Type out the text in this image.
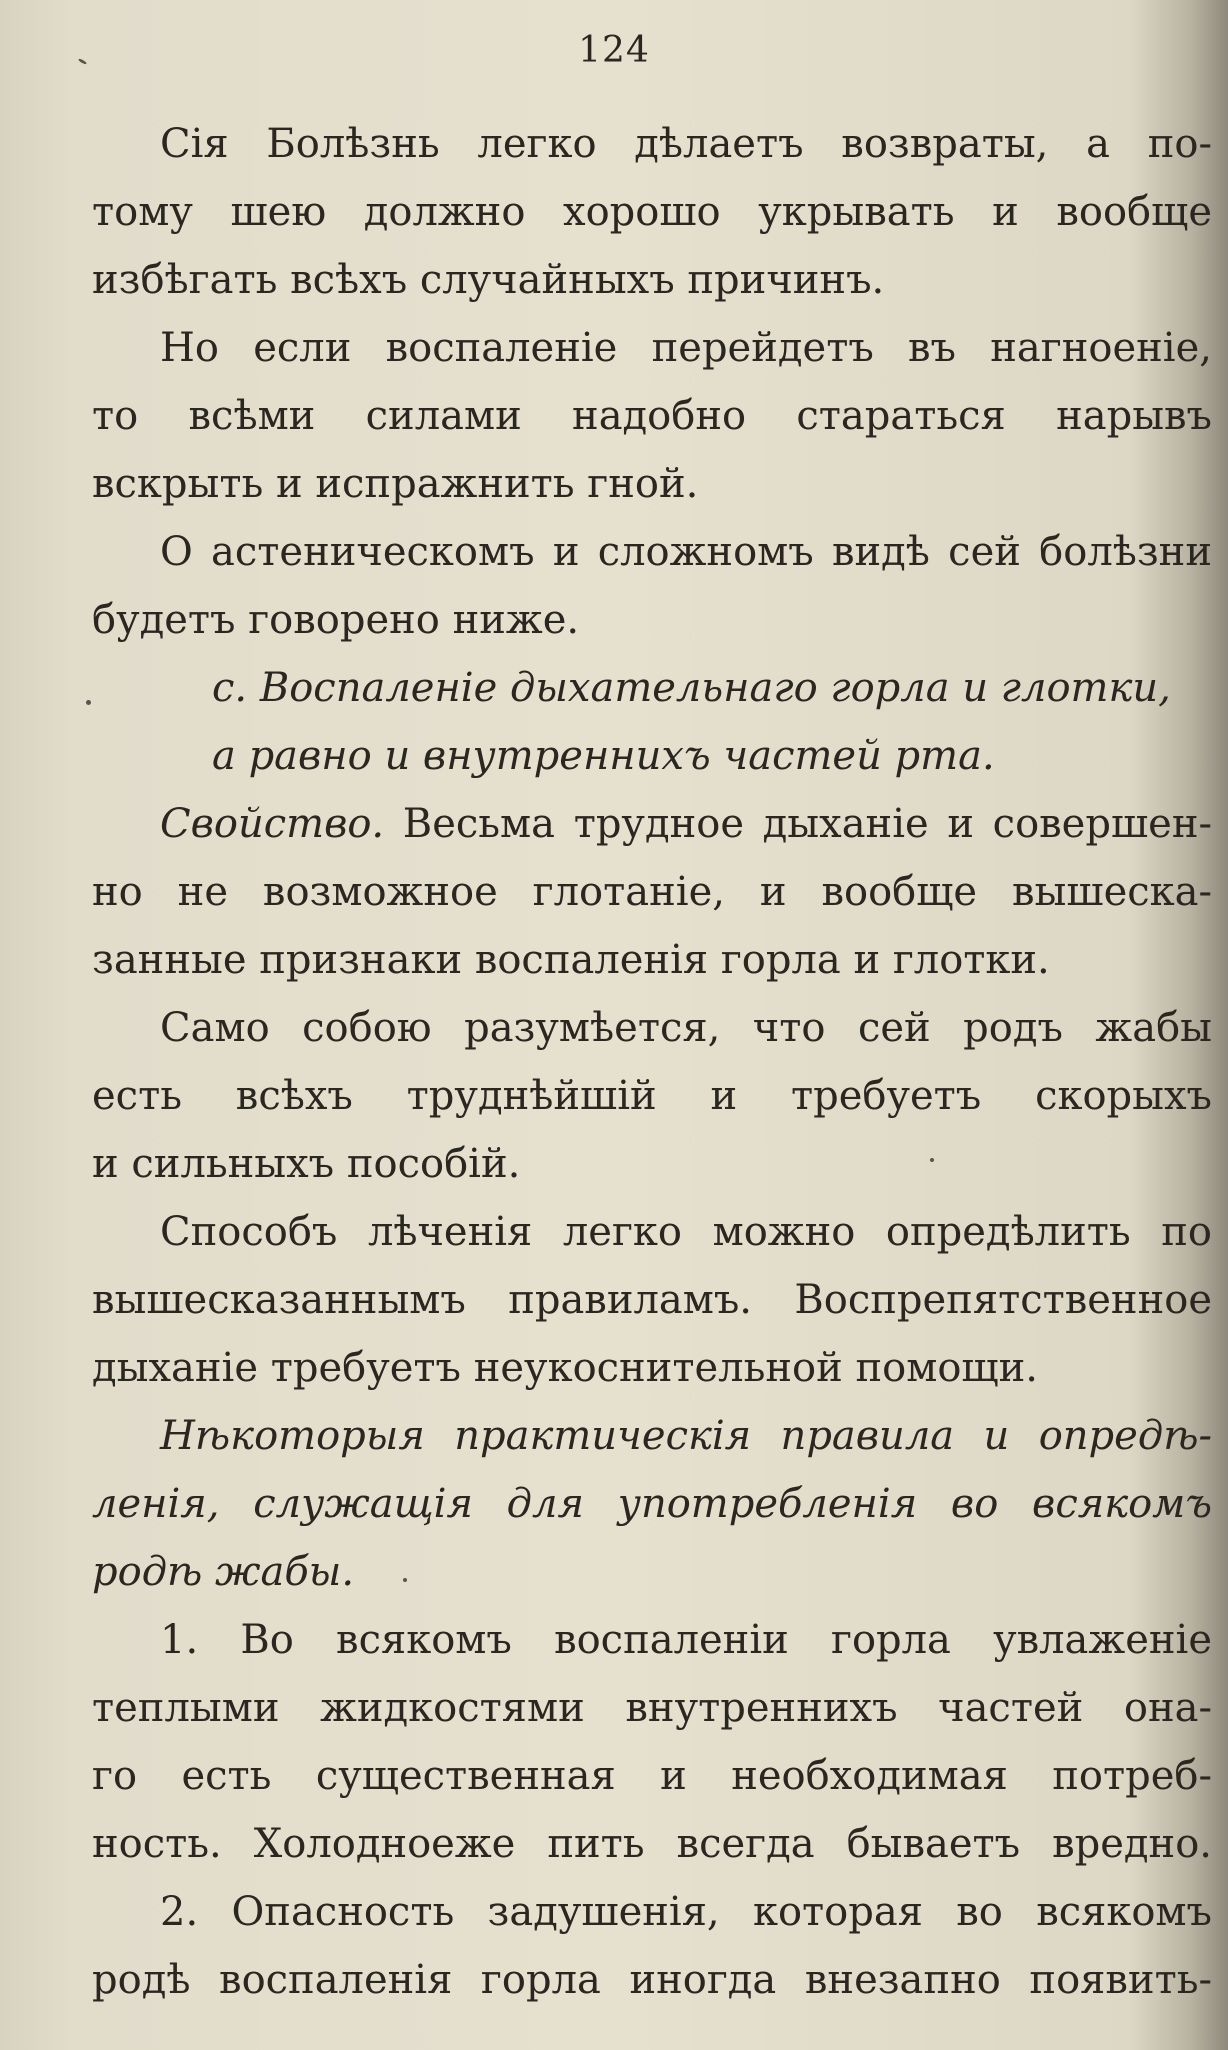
124
Сія Болѣзнь легко дѣлаетъ возвраты, а по-
тому шею должно хорошо укрывать и вообще
избѣгать всѣхъ случайныхъ причинъ.
Но если воспаленіе перейдетъ въ нагноеніе,
то всѣми силами надобно стараться нарывъ
вскрыть и испражнить гной.
О астеническомъ и сложномъ видѣ сей болѣзни
будетъ говорено ниже.
c. Воспаленіе дыхательнаго горла и глотки,
а равно и внутреннихъ частей рта.
Свойство. Весьма трудное дыханіе и совершен-
но не возможное глотаніе, и вообще вышеска-
занные признаки воспаленія горла и глотки.
Само собою разумѣется, что сей родъ жабы
есть всѣхъ труднѣйшій и требуетъ скорыхъ
и сильныхъ пособій.
Способъ лѣченія легко можно опредѣлить по
вышесказаннымъ правиламъ. Воспрепятственное
дыханіе требуетъ неукоснительной помощи.
Нѣкоторыя практическія правила и опредѣ-
ленія, служащія для употребленія во всякомъ
родѣ жабы.
1. Во всякомъ воспаленіи горла увлаженіе
теплыми жидкостями внутреннихъ частей она-
го есть существенная и необходимая потреб-
ность. Холодноеже пить всегда бываетъ вредно.
2. Опасность задушенія, которая во всякомъ
родѣ воспаленія горла иногда внезапно появить-
